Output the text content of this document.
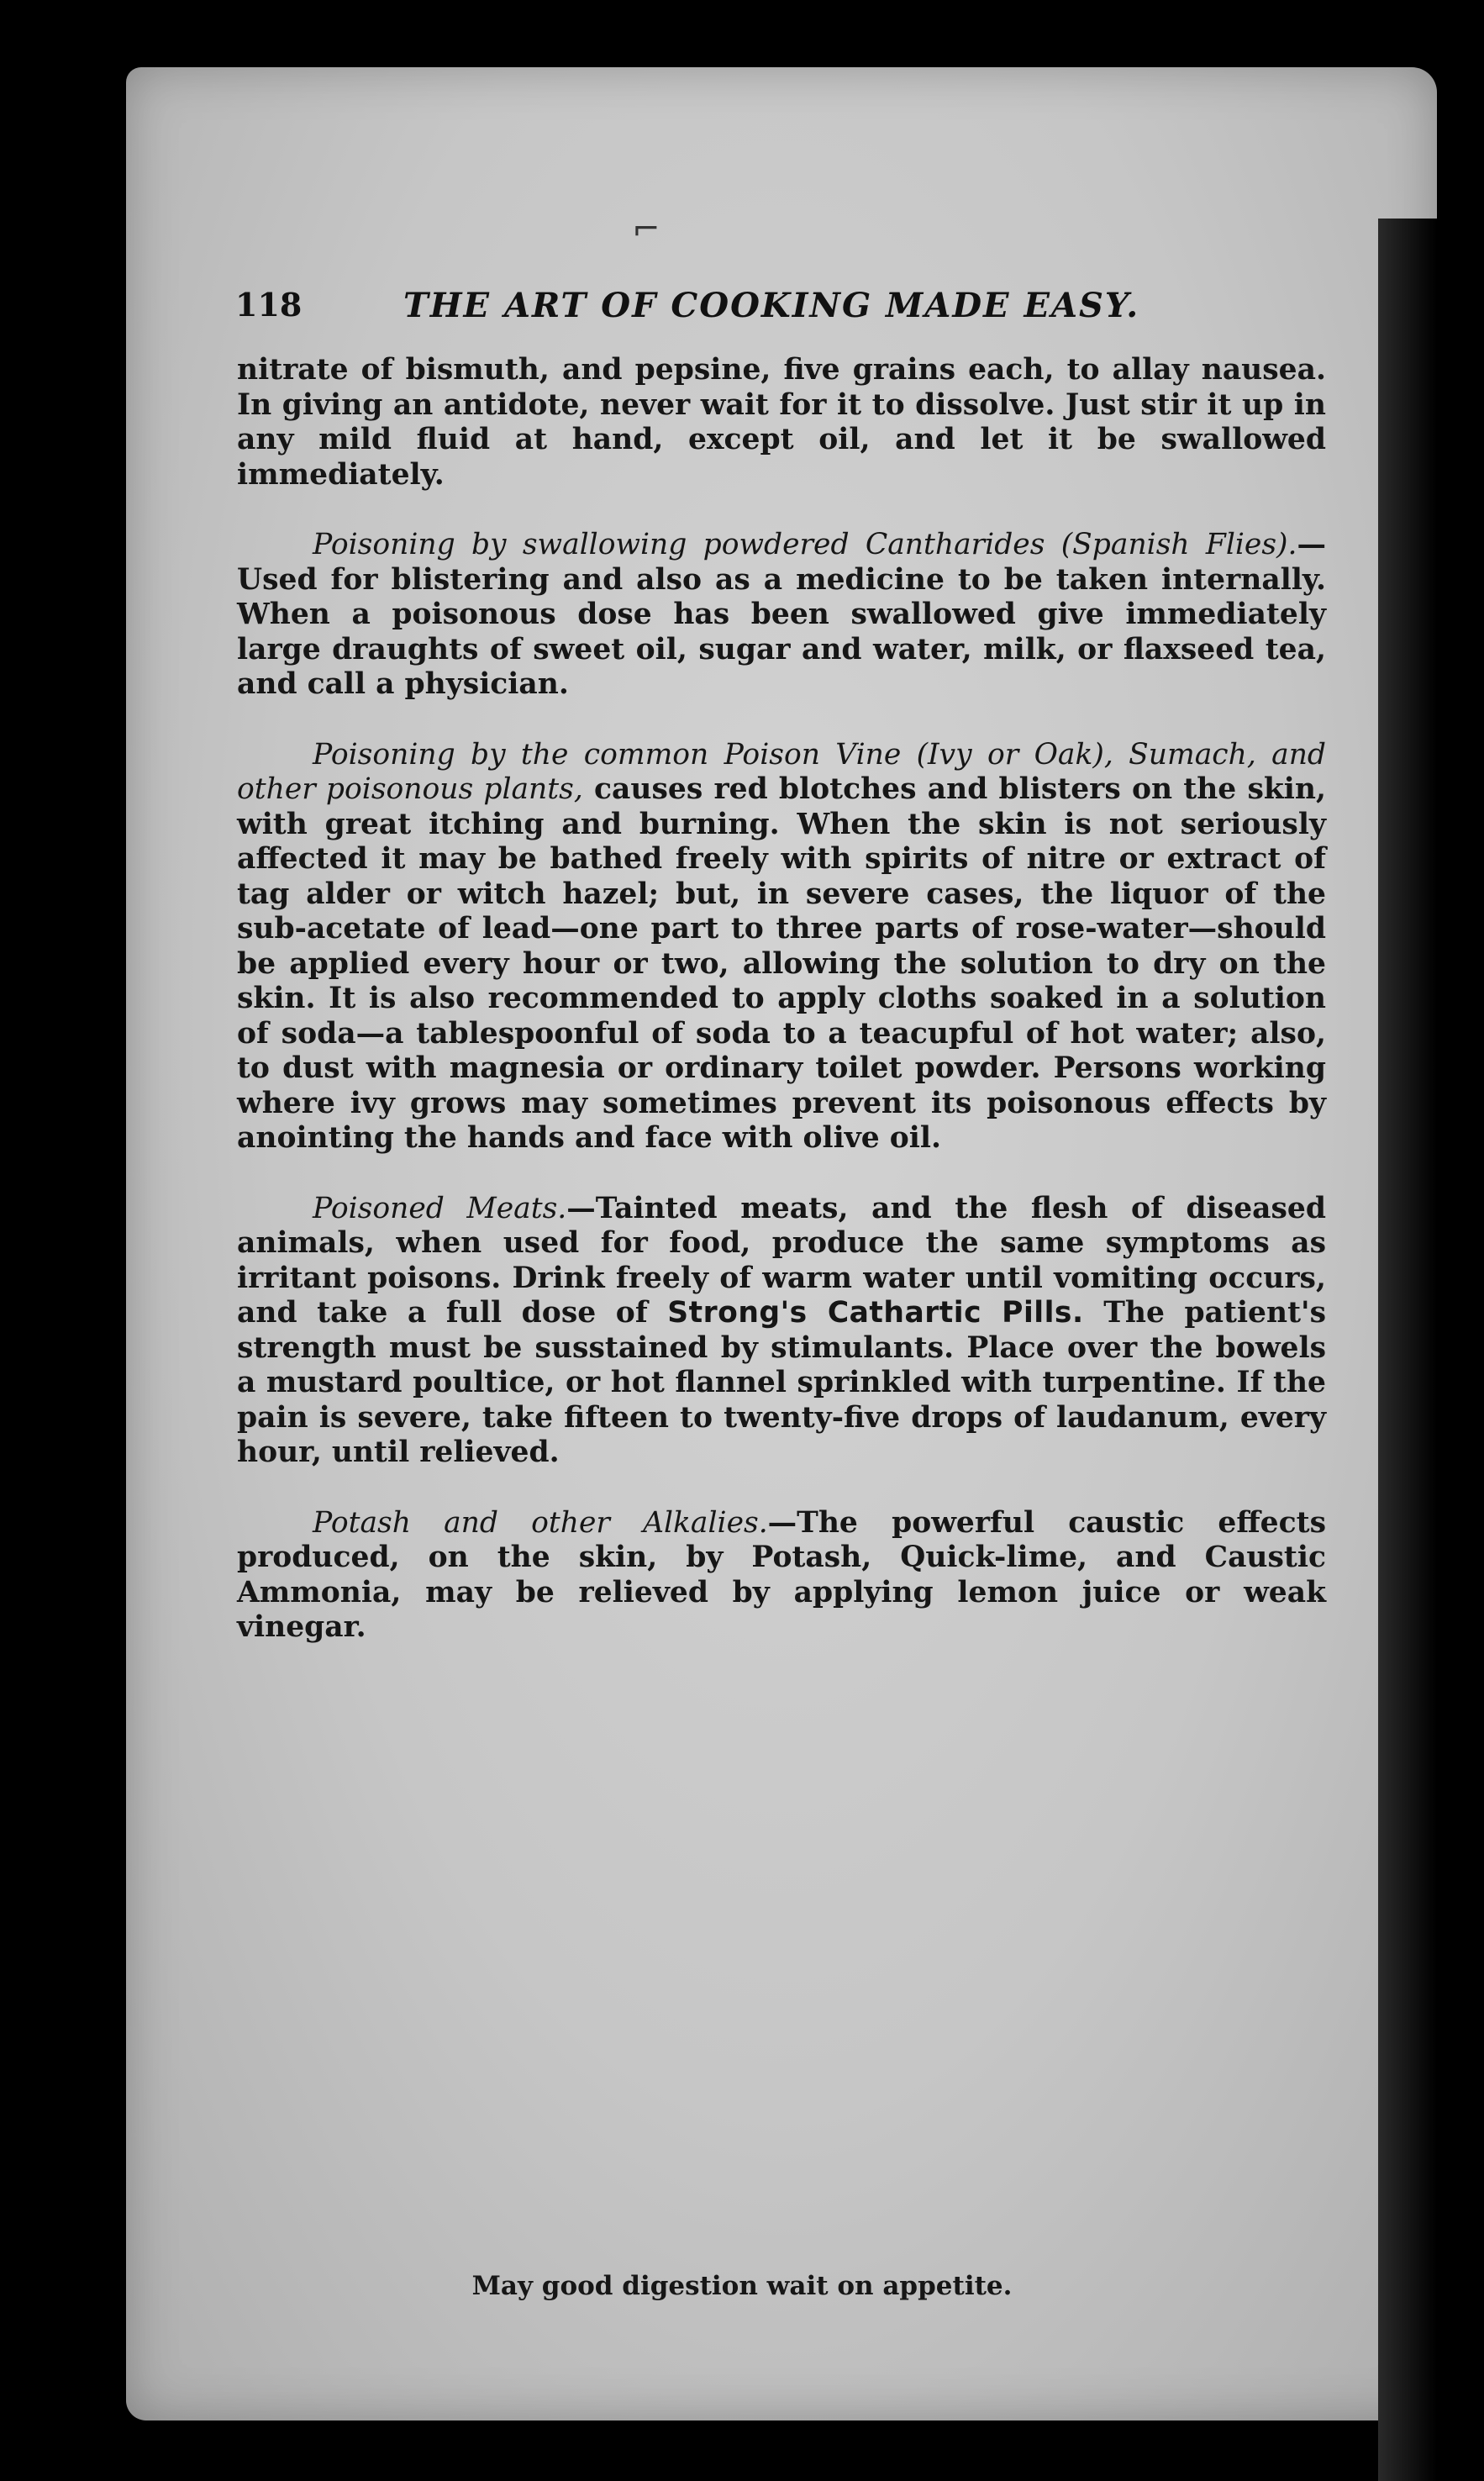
⌐
118	THE ART OF COOKING MADE EASY.

nitrate of bismuth, and pepsine, five grains each, to allay nausea. In giving an antidote, never wait for it to dissolve. Just stir it up in any mild fluid at hand, except oil, and let it be swallowed immediately.

Poisoning by swallowing powdered Cantharides (Spanish Flies).—Used for blistering and also as a medicine to be taken internally. When a poisonous dose has been swallowed give immediately large draughts of sweet oil, sugar and water, milk, or flaxseed tea, and call a physician.

Poisoning by the common Poison Vine (Ivy or Oak), Sumach, and other poisonous plants, causes red blotches and blisters on the skin, with great itching and burning. When the skin is not seriously affected it may be bathed freely with spirits of nitre or extract of tag alder or witch hazel; but, in severe cases, the liquor of the sub-acetate of lead—one part to three parts of rose-water—should be applied every hour or two, allowing the solution to dry on the skin. It is also recommended to apply cloths soaked in a solution of soda—a tablespoonful of soda to a teacupful of hot water; also, to dust with magnesia or ordinary toilet powder. Persons working where ivy grows may sometimes prevent its poisonous effects by anointing the hands and face with olive oil.

Poisoned Meats.—Tainted meats, and the flesh of diseased animals, when used for food, produce the same symptoms as irritant poisons. Drink freely of warm water until vomiting occurs, and take a full dose of Strong's Cathartic Pills. The patient's strength must be susstained by stimulants. Place over the bowels a mustard poultice, or hot flannel sprinkled with turpentine. If the pain is severe, take fifteen to twenty-five drops of laudanum, every hour, until relieved.

Potash and other Alkalies.—The powerful caustic effects produced, on the skin, by Potash, Quick-lime, and Caustic Ammonia, may be relieved by applying lemon juice or weak vinegar.

May good digestion wait on appetite.
